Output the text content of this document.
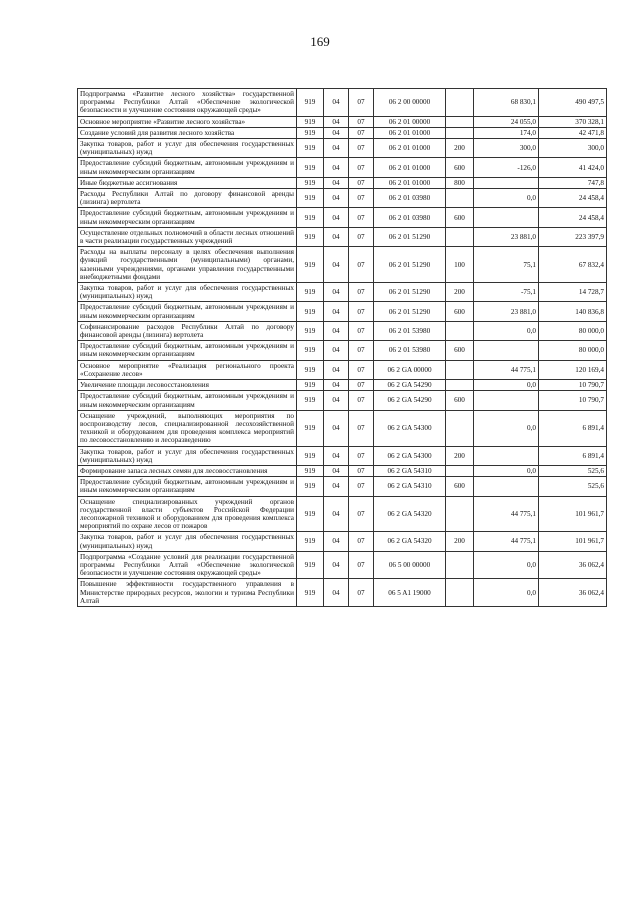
169
Подпрограмма «Развитие лесного хозяйства» государственной программы Республики Алтай «Обеспечение экологической безопасности и улучшение состояния окружающей среды»	919	04	07	06 2 00 00000		68 830,1	490 497,5
Основное мероприятие «Развитие лесного хозяйства»	919	04	07	06 2 01 00000		24 055,0	370 328,1
Создание условий для развития лесного хозяйства	919	04	07	06 2 01 01000		174,0	42 471,8
Закупка товаров, работ и услуг для обеспечения государственных (муниципальных) нужд	919	04	07	06 2 01 01000	200	300,0	300,0
Предоставление субсидий бюджетным, автономным учреждениям и иным некоммерческим организациям	919	04	07	06 2 01 01000	600	-126,0	41 424,0
Иные бюджетные ассигнования	919	04	07	06 2 01 01000	800		747,8
Расходы Республики Алтай по договору финансовой аренды (лизинга) вертолета	919	04	07	06 2 01 03980		0,0	24 458,4
Предоставление субсидий бюджетным, автономным учреждениям и иным некоммерческим организациям	919	04	07	06 2 01 03980	600		24 458,4
Осуществление отдельных полномочий в области лесных отношений в части реализации государственных учреждений	919	04	07	06 2 01 51290		23 881,0	223 397,9
Расходы на выплаты персоналу в целях обеспечения выполнения функций государственными (муниципальными) органами, казенными учреждениями, органами управления государственными внебюджетными фондами	919	04	07	06 2 01 51290	100	75,1	67 832,4
Закупка товаров, работ и услуг для обеспечения государственных (муниципальных) нужд	919	04	07	06 2 01 51290	200	-75,1	14 728,7
Предоставление субсидий бюджетным, автономным учреждениям и иным некоммерческим организациям	919	04	07	06 2 01 51290	600	23 881,0	140 836,8
Софинансирование расходов Республики Алтай по договору финансовой аренды (лизинга) вертолета	919	04	07	06 2 01 53980		0,0	80 000,0
Предоставление субсидий бюджетным, автономным учреждениям и иным некоммерческим организациям	919	04	07	06 2 01 53980	600		80 000,0
Основное мероприятие «Реализация регионального проекта «Сохранение лесов»	919	04	07	06 2 GA 00000		44 775,1	120 169,4
Увеличение площади лесовосстановления	919	04	07	06 2 GA 54290		0,0	10 790,7
Предоставление субсидий бюджетным, автономным учреждениям и иным некоммерческим организациям	919	04	07	06 2 GA 54290	600		10 790,7
Оснащение учреждений, выполняющих мероприятия по воспроизводству лесов, специализированной лесохозяйственной техникой и оборудованием для проведения комплекса мероприятий по лесовосстановлению и лесоразведению	919	04	07	06 2 GA 54300		0,0	6 891,4
Закупка товаров, работ и услуг для обеспечения государственных (муниципальных) нужд	919	04	07	06 2 GA 54300	200		6 891,4
Формирование запаса лесных семян для лесовосстановления	919	04	07	06 2 GA 54310		0,0	525,6
Предоставление субсидий бюджетным, автономным учреждениям и иным некоммерческим организациям	919	04	07	06 2 GA 54310	600		525,6
Оснащение специализированных учреждений органов государственной власти субъектов Российской Федерации лесопожарной техникой и оборудованием для проведения комплекса мероприятий по охране лесов от пожаров	919	04	07	06 2 GA 54320		44 775,1	101 961,7
Закупка товаров, работ и услуг для обеспечения государственных (муниципальных) нужд	919	04	07	06 2 GA 54320	200	44 775,1	101 961,7
Подпрограмма «Создание условий для реализации государственной программы Республики Алтай «Обеспечение экологической безопасности и улучшение состояния окружающей среды»	919	04	07	06 5 00 00000		0,0	36 062,4
Повышение эффективности государственного управления в Министерстве природных ресурсов, экологии и туризма Республики Алтай	919	04	07	06 5 A1 19000		0,0	36 062,4
